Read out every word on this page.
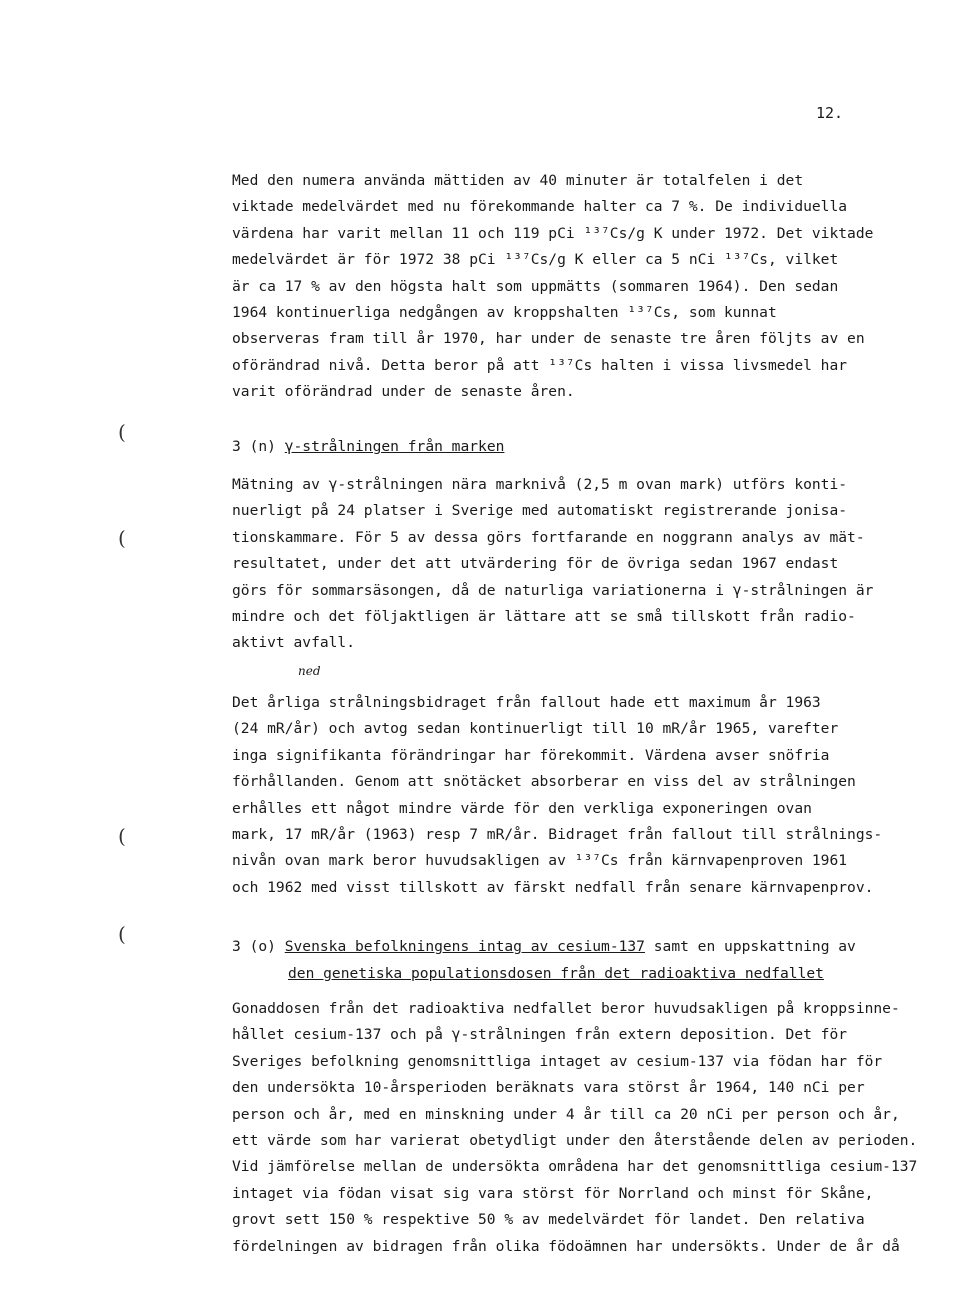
12.
(
(
(
(

Med den numera använda mättiden av 40 minuter är totalfelen i det

viktade medelvärdet med nu förekommande halter ca 7 %. De individuella

värdena har varit mellan 11 och 119 pCi ¹³⁷Cs/g K under 1972. Det viktade

medelvärdet är för 1972 38 pCi ¹³⁷Cs/g K eller ca 5 nCi ¹³⁷Cs, vilket

är ca 17 % av den högsta halt som uppmätts (sommaren 1964). Den sedan

1964 kontinuerliga nedgången av kroppshalten ¹³⁷Cs, som kunnat

observeras fram till år 1970, har under de senaste tre åren följts av en

oförändrad nivå. Detta beror på att ¹³⁷Cs halten i vissa livsmedel har

varit oförändrad under de senaste åren.

3 (n) γ-strålningen från marken

Mätning av γ-strålningen nära marknivå (2,5 m ovan mark) utförs konti-

nuerligt på 24 platser i Sverige med automatiskt registrerande jonisa-

tionskammare. För 5 av dessa görs fortfarande en noggrann analys av mät-

resultatet, under det att utvärdering för de övriga sedan 1967 endast

görs för sommarsäsongen, då de naturliga variationerna i γ-strålningen är

mindre och det följaktligen är lättare att se små tillskott från radio-

aktivt avfall.

ned

Det årliga strålningsbidraget från fallout hade ett maximum år 1963

(24 mR/år) och avtog sedan kontinuerligt till 10 mR/år 1965, varefter

inga signifikanta förändringar har förekommit. Värdena avser snöfria

förhållanden. Genom att snötäcket absorberar en viss del av strålningen

erhålles ett något mindre värde för den verkliga exponeringen ovan

mark, 17 mR/år (1963) resp 7 mR/år. Bidraget från fallout till strålnings-

nivån ovan mark beror huvudsakligen av ¹³⁷Cs från kärnvapenproven 1961

och 1962 med visst tillskott av färskt nedfall från senare kärnvapenprov.

3 (o) Svenska befolkningens intag av cesium-137 samt en uppskattning av
den genetiska populationsdosen från det radioaktiva nedfallet

Gonaddosen från det radioaktiva nedfallet beror huvudsakligen på kroppsinne-

hållet cesium-137 och på γ-strålningen från extern deposition. Det för

Sveriges befolkning genomsnittliga intaget av cesium-137 via födan har för

den undersökta 10-årsperioden beräknats vara störst år 1964, 140 nCi per

person och år, med en minskning under 4 år till ca 20 nCi per person och år,

ett värde som har varierat obetydligt under den återstående delen av perioden.

Vid jämförelse mellan de undersökta områdena har det genomsnittliga cesium-137

intaget via födan visat sig vara störst för Norrland och minst för Skåne,

grovt sett 150 % respektive 50 % av medelvärdet för landet. Den relativa

fördelningen av bidragen från olika födoämnen har undersökts. Under de år då
